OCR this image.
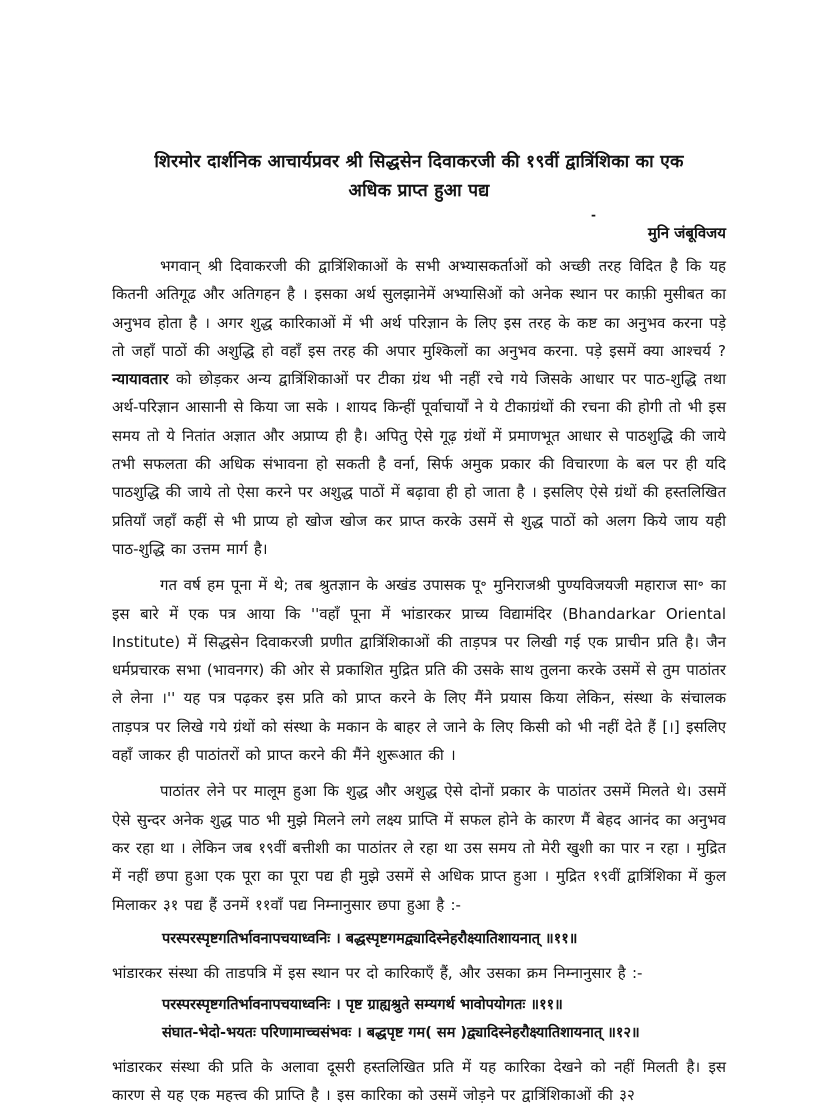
शिरमोर दार्शनिक आचार्यप्रवर श्री सिद्धसेन दिवाकरजी की १९वीं द्वात्रिंशिका का एक
अधिक प्राप्त हुआ पद्य
-
मुनि जंबूविजय

भगवान् श्री दिवाकरजी की द्वात्रिंशिकाओं के सभी अभ्यासकर्ताओं को अच्छी तरह विदित है कि यह कितनी अतिगूढ और अतिगहन है । इसका अर्थ सुलझानेमें अभ्यासिओं को अनेक स्थान पर काफ़ी मुसीबत का अनुभव होता है । अगर शुद्ध कारिकाओं में भी अर्थ परिज्ञान के लिए इस तरह के कष्ट का अनुभव करना पड़े तो जहाँ पाठों की अशुद्धि हो वहाँ इस तरह की अपार मुश्किलों का अनुभव करना. पड़े इसमें क्या आश्चर्य ? न्यायावतार को छोड़कर अन्य द्वात्रिंशिकाओं पर टीका ग्रंथ भी नहीं रचे गये जिसके आधार पर पाठ-शुद्धि तथा अर्थ-परिज्ञान आसानी से किया जा सके । शायद किन्हीं पूर्वाचार्यों ने ये टीकाग्रंथों की रचना की होगी तो भी इस समय तो ये नितांत अज्ञात और अप्राप्य ही है। अपितु ऐसे गूढ़ ग्रंथों में प्रमाणभूत आधार से पाठशुद्धि की जाये तभी सफलता की अधिक संभावना हो सकती है वर्ना, सिर्फ अमुक प्रकार की विचारणा के बल पर ही यदि पाठशुद्धि की जाये तो ऐसा करने पर अशुद्ध पाठों में बढ़ावा ही हो जाता है । इसलिए ऐसे ग्रंथों की हस्तलिखित प्रतियाँ जहाँ कहीं से भी प्राप्य हो खोज खोज कर प्राप्त करके उसमें से शुद्ध पाठों को अलग किये जाय यही पाठ-शुद्धि का उत्तम मार्ग है।

गत वर्ष हम पूना में थे; तब श्रुतज्ञान के अखंड उपासक पू॰ मुनिराजश्री पुण्यविजयजी महाराज सा॰ का इस बारे में एक पत्र आया कि ''वहाँ पूना में भांडारकर प्राच्य विद्यामंदिर (Bhandarkar Oriental Institute) में सिद्धसेन दिवाकरजी प्रणीत द्वात्रिंशिकाओं की ताड़पत्र पर लिखी गई एक प्राचीन प्रति है। जैन धर्मप्रचारक सभा (भावनगर) की ओर से प्रकाशित मुद्रित प्रति की उसके साथ तुलना करके उसमें से तुम पाठांतर ले लेना ।'' यह पत्र पढ़कर इस प्रति को प्राप्त करने के लिए मैंने प्रयास किया लेकिन, संस्था के संचालक ताड़पत्र पर लिखे गये ग्रंथों को संस्था के मकान के बाहर ले जाने के लिए किसी को भी नहीं देते हैं [।] इसलिए वहाँ जाकर ही पाठांतरों को प्राप्त करने की मैंने शुरूआत की ।

पाठांतर लेने पर मालूम हुआ कि शुद्ध और अशुद्ध ऐसे दोनों प्रकार के पाठांतर उसमें मिलते थे। उसमें ऐसे सुन्दर अनेक शुद्ध पाठ भी मुझे मिलने लगे लक्ष्य प्राप्ति में सफल होने के कारण मैं बेहद आनंद का अनुभव कर रहा था । लेकिन जब १९वीं बत्तीशी का पाठांतर ले रहा था उस समय तो मेरी खुशी का पार न रहा । मुद्रित में नहीं छपा हुआ एक पूरा का पूरा पद्य ही मुझे उसमें से अधिक प्राप्त हुआ । मुद्रित १९वीं द्वात्रिंशिका में कुल मिलाकर ३१ पद्य हैं उनमें ११वाँ पद्य निम्नानुसार छपा हुआ है :-

परस्परस्पृष्टगतिर्भावनापचयाध्वनिः । बद्धस्पृष्टगमद्व्यादिस्नेहरौक्ष्यातिशायनात् ॥११॥

भांडारकर संस्था की ताडपत्रि में इस स्थान पर दो कारिकाएँ हैं, और उसका क्रम निम्नानुसार है :-

परस्परस्पृष्टगतिर्भावनापचयाध्वनिः । पृष्ट ग्राह्यश्रुते सम्यगर्थ भावोपयोगतः ॥११॥
संघात-भेदो-भयतः परिणामाच्चसंभवः । बद्धपृष्ट गम( सम )द्व्यादिस्नेहरौक्ष्यातिशायनात् ॥१२॥

भांडारकर संस्था की प्रति के अलावा दूसरी हस्तलिखित प्रति में यह कारिका देखने को नहीं मिलती है। इस कारण से यह एक महत्त्व की प्राप्ति है । इस कारिका को उसमें जोड़ने पर द्वात्रिंशिकाओं की ३२
